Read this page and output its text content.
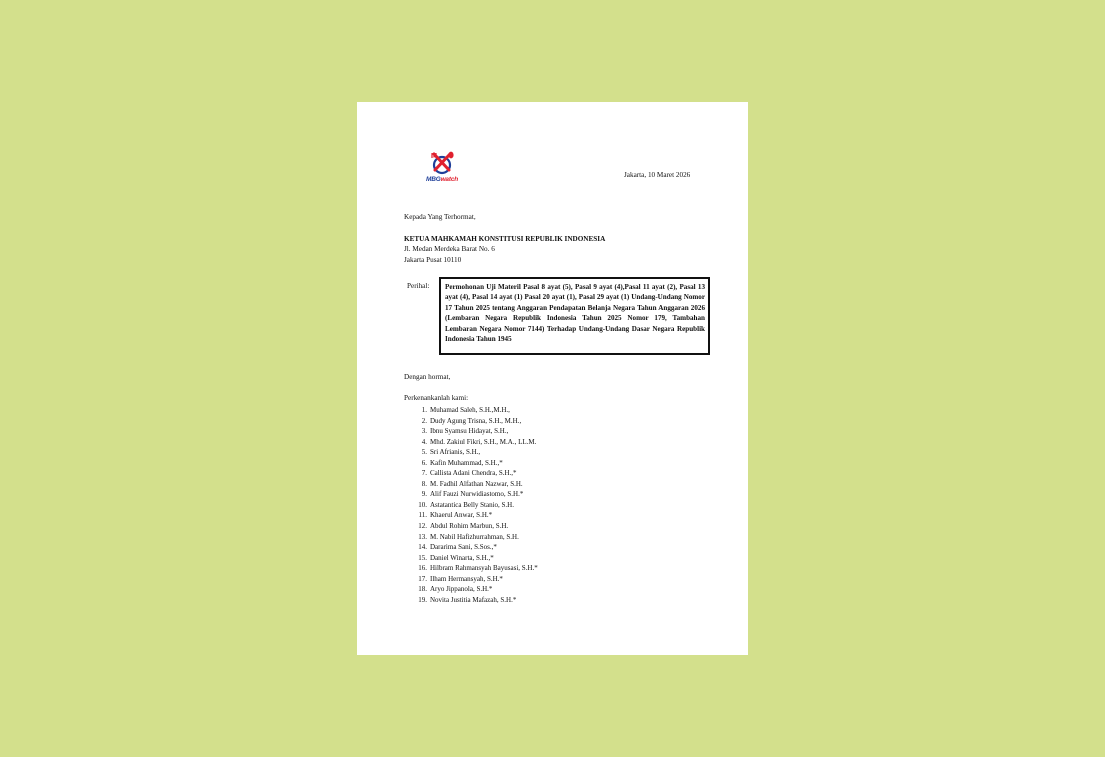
MBGwatch
Jakarta, 10 Maret 2026
Kepada Yang Terhormat,
KETUA MAHKAMAH KONSTITUSI REPUBLIK INDONESIA
Jl. Medan Merdeka Barat No. 6
Jakarta Pusat 10110
Perihal: Permohonan Uji Materil Pasal 8 ayat (5), Pasal 9 ayat (4),Pasal 11 ayat (2), Pasal 13 ayat (4), Pasal 14 ayat (1) Pasal 20 ayat (1), Pasal 29 ayat (1) Undang-Undang Nomor 17 Tahun 2025 tentang Anggaran Pendapatan Belanja Negara Tahun Anggaran 2026 (Lembaran Negara Republik Indonesia Tahun 2025 Nomor 179, Tambahan Lembaran Negara Nomor 7144) Terhadap Undang-Undang Dasar Negara Republik Indonesia Tahun 1945

Dengan hormat,
Perkenankanlah kami:
1. Muhamad Saleh, S.H.,M.H.,
2. Dudy Agung Trisna, S.H., M.H.,
3. Ibnu Syamsu Hidayat, S.H.,
4. Mhd. Zakiul Fikri, S.H., M.A., LL.M.
5. Sri Afrianis, S.H.,
6. Kafin Muhammad, S.H.,*
7. Callista Adani Chendra, S.H.,*
8. M. Fadhil Alfathan Nazwar, S.H.
9. Alif Fauzi Nurwidiastomo, S.H.*
10. Astatantica Belly Stanio, S.H.
11. Khaerul Anwar, S.H.*
12. Abdul Rohim Marbun, S.H.
13. M. Nabil Hafizhurrahman, S.H.
14. Dararima Sani, S.Sos.,*
15. Daniel Winarta, S.H.,*
16. Hilbram Rahmansyah Bayusasi, S.H.*
17. Ilham Hermansyah, S.H.*
18. Aryo Jippanola, S.H.*
19. Novita Justitia Mafazah, S.H.*
